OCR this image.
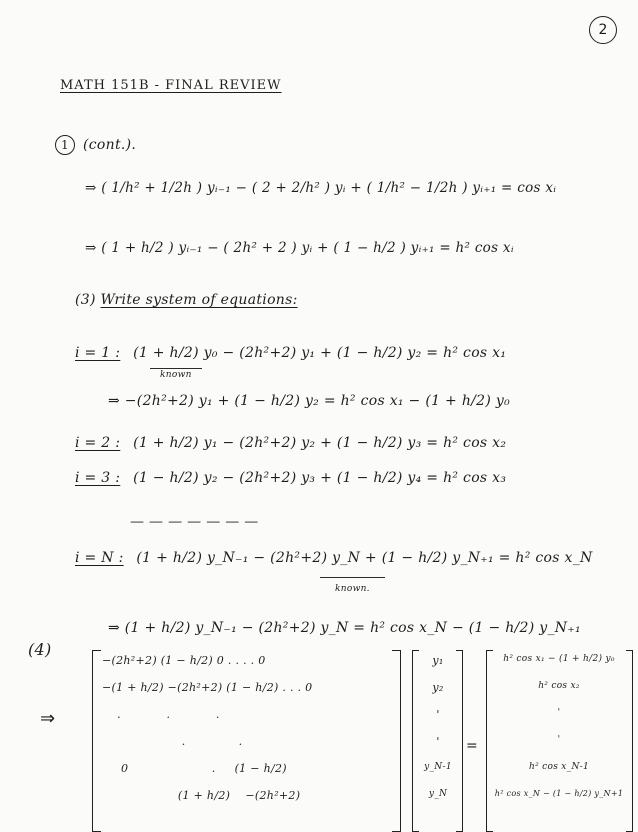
2
MATH 151B - FINAL REVIEW
1 (cont.).
⇒ ( 1/h² + 1/2h ) yᵢ₋₁ − ( 2 + 2/h² ) yᵢ + ( 1/h² − 1/2h ) yᵢ₊₁ = cos xᵢ
⇒ ( 1 + h/2 ) yᵢ₋₁ − ( 2h² + 2 ) yᵢ + ( 1 − h/2 ) yᵢ₊₁ = h² cos xᵢ
(3) Write system of equations:
i = 1 : (1 + h/2) y₀ − (2h²+2) y₁ + (1 − h/2) y₂ = h² cos x₁
known
⇒ −(2h²+2) y₁ + (1 − h/2) y₂ = h² cos x₁ − (1 + h/2) y₀
i = 2 : (1 + h/2) y₁ − (2h²+2) y₂ + (1 − h/2) y₃ = h² cos x₂
i = 3 : (1 − h/2) y₂ − (2h²+2) y₃ + (1 − h/2) y₄ = h² cos x₃
— — — — — — —
i = N : (1 + h/2) y_N₋₁ − (2h²+2) y_N + (1 − h/2) y_N₊₁ = h² cos x_N
known.
⇒ (1 + h/2) y_N₋₁ − (2h²+2) y_N = h² cos x_N − (1 − h/2) y_N₊₁
(4)
⇒
−(2h²+2) (1 − h/2) 0 . . . . 0
−(1 + h/2) −(2h²+2) (1 − h/2) . . . 0
.            .            .
.              .
0                      .     (1 − h/2)
(1 + h/2)    −(2h²+2)
y₁
y₂
'
'
y_N-1
y_N
=
h² cos x₁ − (1 + h/2) y₀
h² cos x₂
'
'
h² cos x_N-1
h² cos x_N − (1 − h/2) y_N+1
